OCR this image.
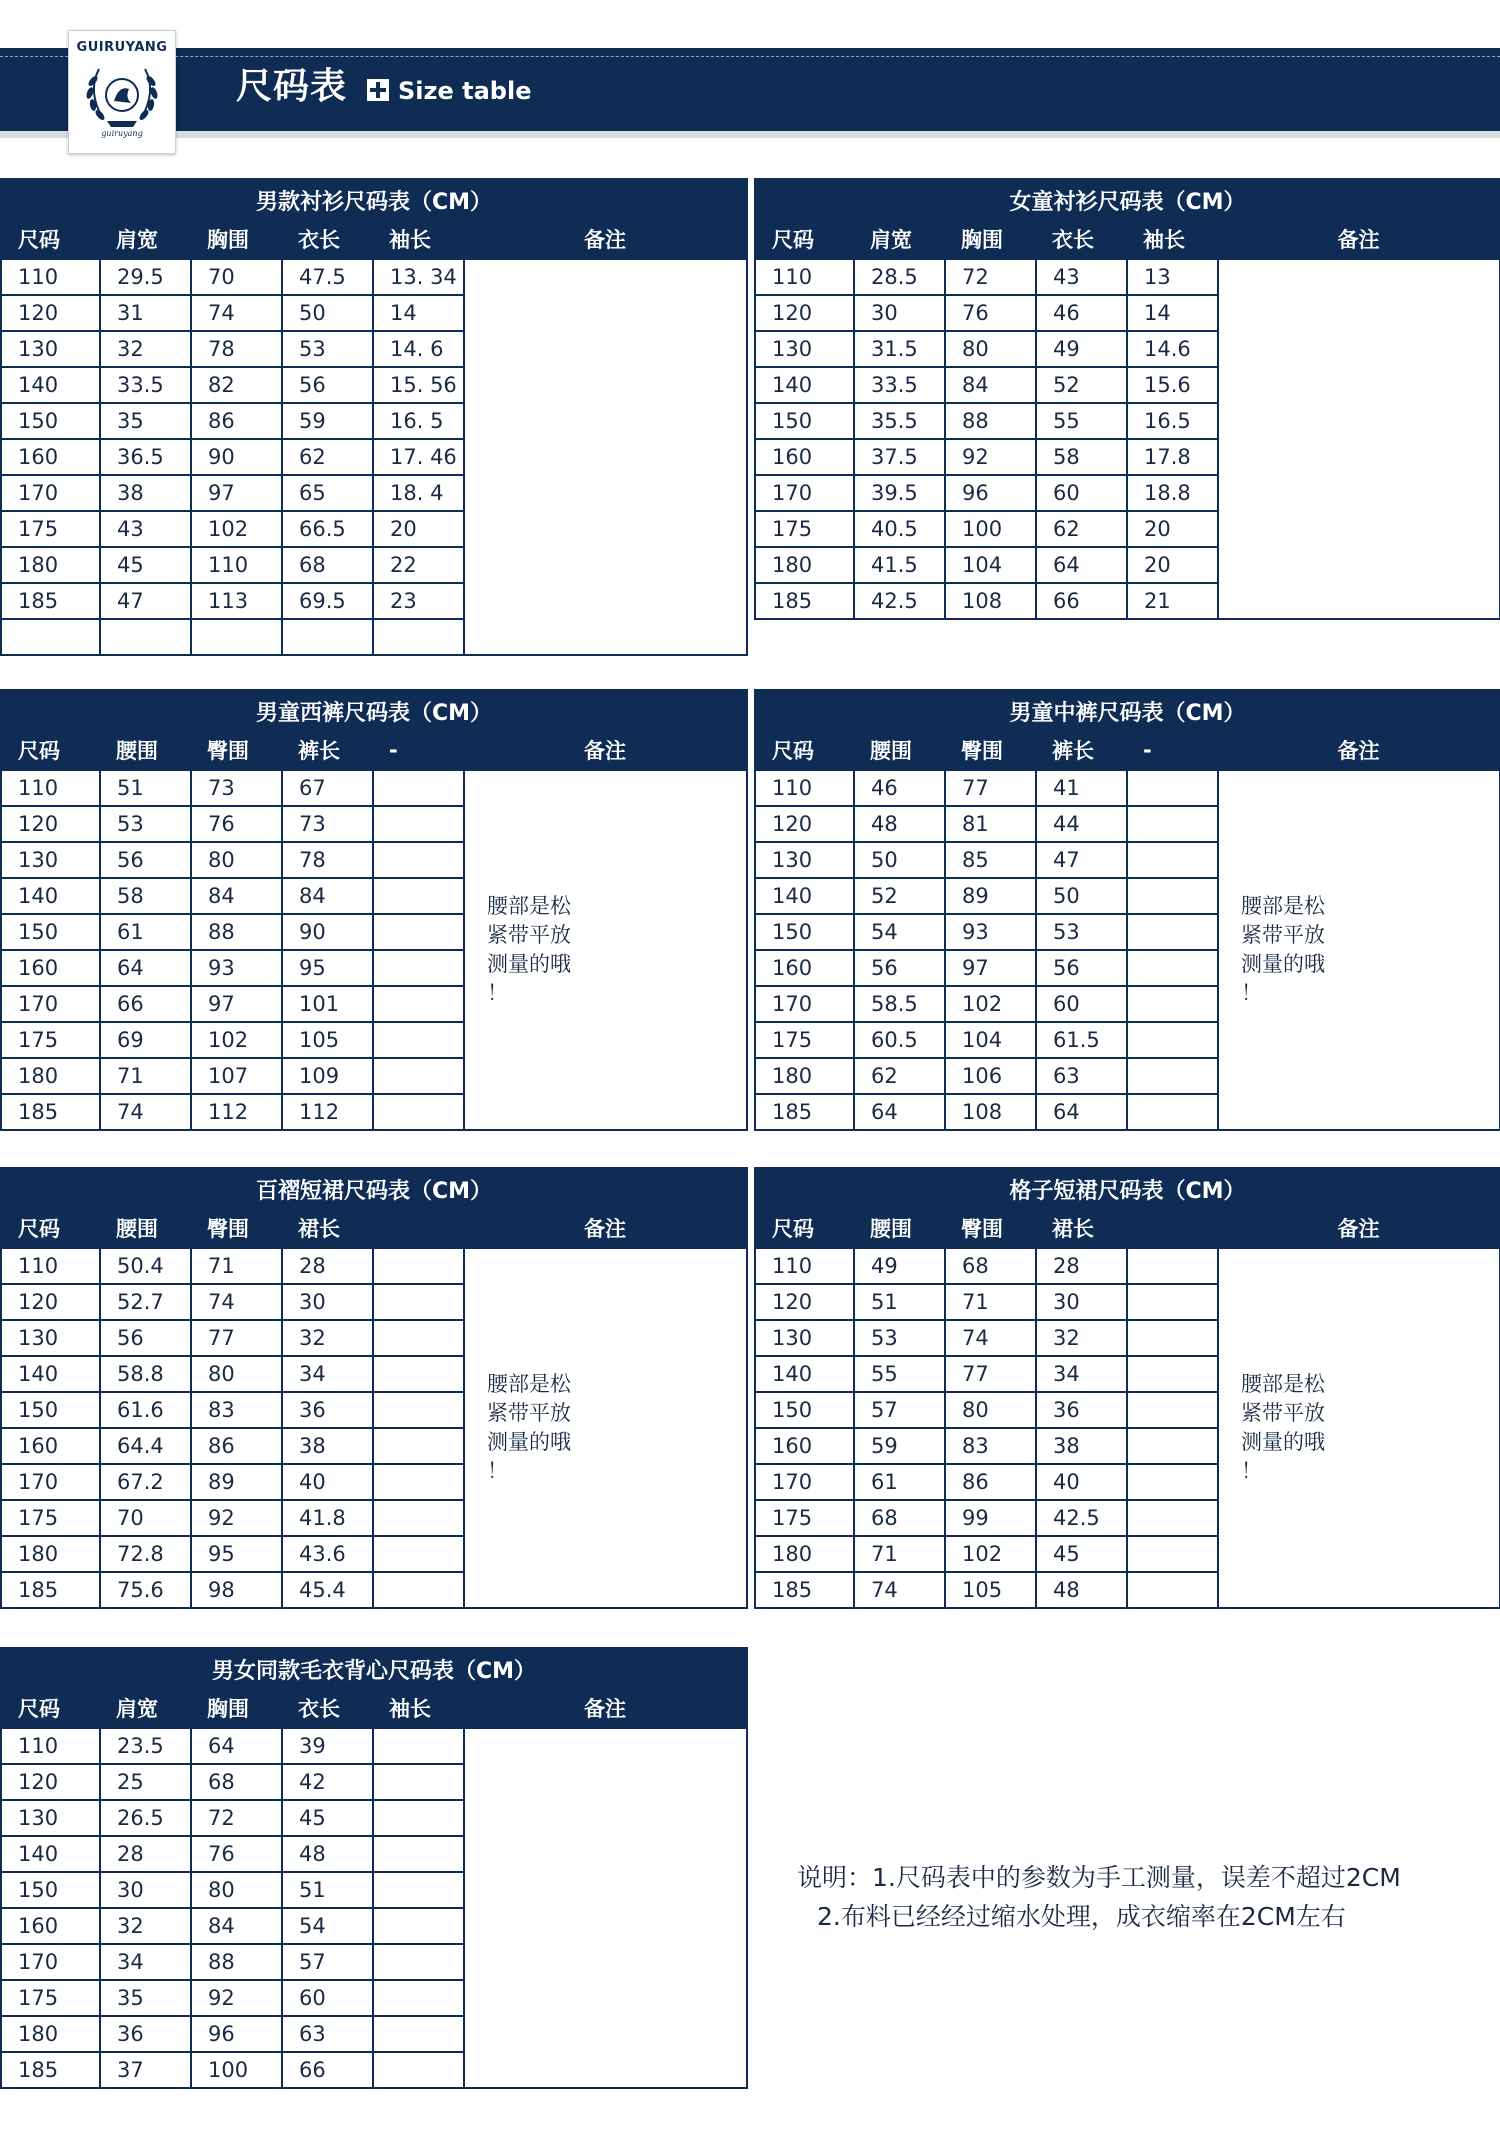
GUIRUYANG
guiruyang
尺码表 Size table
男款衬衫尺码表（CM）					
尺码	肩宽	胸围	衣长	袖长	备注
110	29.5	70	47.5	13. 34	
120	31	74	50	14	
130	32	78	53	14. 6	
140	33.5	82	56	15. 56	
150	35	86	59	16. 5	
160	36.5	90	62	17. 46	
170	38	97	65	18. 4	
175	43	102	66.5	20	
180	45	110	68	22	
185	47	113	69.5	23	

女童衬衫尺码表（CM）					
尺码	肩宽	胸围	衣长	袖长	备注
110	28.5	72	43	13	
120	30	76	46	14	
130	31.5	80	49	14.6	
140	33.5	84	52	15.6	
150	35.5	88	55	16.5	
160	37.5	92	58	17.8	
170	39.5	96	60	18.8	
175	40.5	100	62	20	
180	41.5	104	64	20	
185	42.5	108	66	21	
男童西裤尺码表（CM）					
尺码	腰围	臀围	裤长	-	备注
110	51	73	67		腰部是松
紧带平放
测量的哦
！

120	53	76	73		
130	56	80	78		
140	58	84	84		
150	61	88	90		
160	64	93	95		
170	66	97	101		
175	69	102	105		
180	71	107	109		
185	74	112	112		
男童中裤尺码表（CM）					
尺码	腰围	臀围	裤长	-	备注
110	46	77	41		腰部是松
紧带平放
测量的哦
！

120	48	81	44		
130	50	85	47		
140	52	89	50		
150	54	93	53		
160	56	97	56		
170	58.5	102	60		
175	60.5	104	61.5		
180	62	106	63		
185	64	108	64		
百褶短裙尺码表（CM）					
尺码	腰围	臀围	裙长		备注
110	50.4	71	28		腰部是松
紧带平放
测量的哦
！

120	52.7	74	30		
130	56	77	32		
140	58.8	80	34		
150	61.6	83	36		
160	64.4	86	38		
170	67.2	89	40		
175	70	92	41.8		
180	72.8	95	43.6		
185	75.6	98	45.4		
格子短裙尺码表（CM）					
尺码	腰围	臀围	裙长		备注
110	49	68	28		腰部是松
紧带平放
测量的哦
！

120	51	71	30		
130	53	74	32		
140	55	77	34		
150	57	80	36		
160	59	83	38		
170	61	86	40		
175	68	99	42.5		
180	71	102	45		
185	74	105	48		
男女同款毛衣背心尺码表（CM）					
尺码	肩宽	胸围	衣长	袖长	备注
110	23.5	64	39		
120	25	68	42		
130	26.5	72	45		
140	28	76	48		
150	30	80	51		
160	32	84	54		
170	34	88	57		
175	35	92	60		
180	36	96	63		
185	37	100	66		
说明：1.尺码表中的参数为手工测量，误差不超过2CM
2.布料已经经过缩水处理，成衣缩率在2CM左右
